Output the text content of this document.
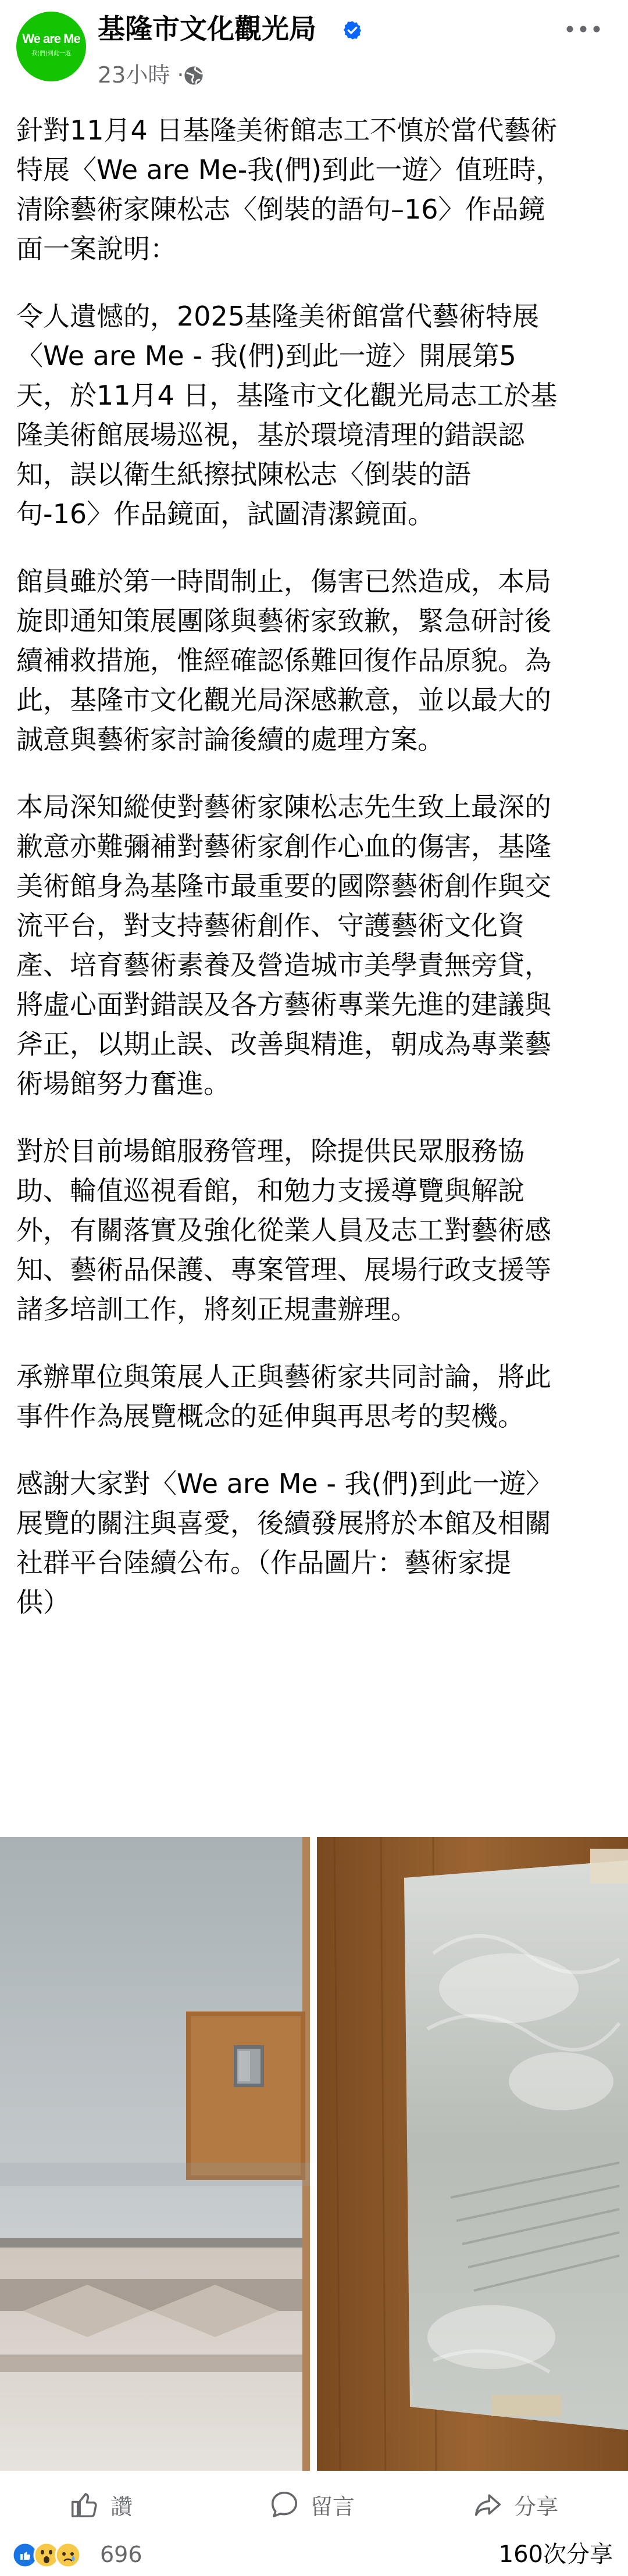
We are Me
我(們)到此一遊
基隆市文化觀光局
23小時 ·

針對11月4 日基隆美術館志工不慎於當代藝術
特展〈We are Me-我(們)到此一遊〉值班時，
清除藝術家陳松志〈倒裝的語句–16〉作品鏡
面一案說明：

令人遺憾的，2025基隆美術館當代藝術特展
〈We are Me - 我(們)到此一遊〉開展第5
天，於11月4 日，基隆市文化觀光局志工於基
隆美術館展場巡視，基於環境清理的錯誤認
知，誤以衛生紙擦拭陳松志〈倒裝的語
句-16〉作品鏡面，試圖清潔鏡面。

館員雖於第一時間制止，傷害已然造成，本局
旋即通知策展團隊與藝術家致歉，緊急研討後
續補救措施，惟經確認係難回復作品原貌。為
此，基隆市文化觀光局深感歉意，並以最大的
誠意與藝術家討論後續的處理方案。

本局深知縱使對藝術家陳松志先生致上最深的
歉意亦難彌補對藝術家創作心血的傷害，基隆
美術館身為基隆市最重要的國際藝術創作與交
流平台，對支持藝術創作、守護藝術文化資
產、培育藝術素養及營造城市美學責無旁貸，
將虛心面對錯誤及各方藝術專業先進的建議與
斧正，以期止誤、改善與精進，朝成為專業藝
術場館努力奮進。

對於目前場館服務管理，除提供民眾服務協
助、輪值巡視看館，和勉力支援導覽與解說
外，有關落實及強化從業人員及志工對藝術感
知、藝術品保護、專案管理、展場行政支援等
諸多培訓工作，將刻正規畫辦理。

承辦單位與策展人正與藝術家共同討論，將此
事件作為展覽概念的延伸與再思考的契機。

感謝大家對〈We are Me - 我(們)到此一遊〉
展覽的關注與喜愛，後續發展將於本館及相關
社群平台陸續公布。（作品圖片：藝術家提
供）

讚	留言	分享
696	160次分享
